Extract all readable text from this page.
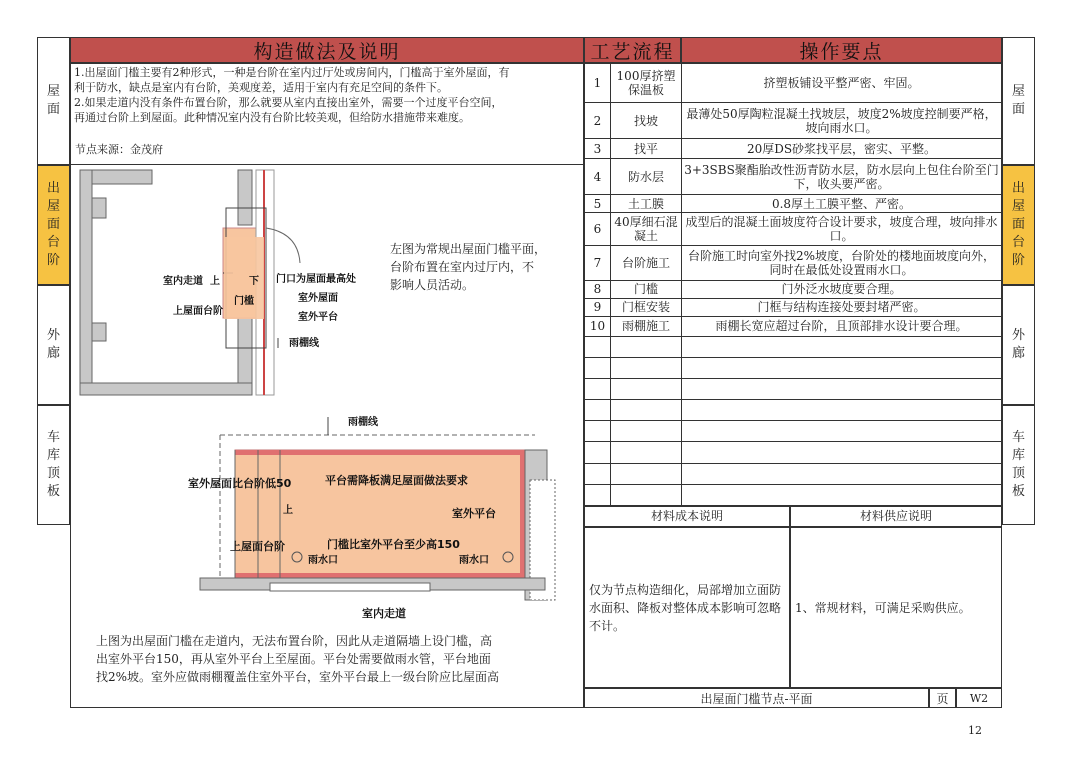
屋面
出屋面台阶
外廊
车库顶板
屋面
出屋面台阶
外廊
车库顶板
构造做法及说明
1.出屋面门槛主要有2种形式，一种是台阶在室内过厅处或房间内，门槛高于室外屋面，有
利于防水，缺点是室内有台阶，美观度差，适用于室内有充足空间的条件下。
2.如果走道内没有条件布置台阶，那么就要从室内直接出室外，需要一个过度平台空间，
再通过台阶上到屋面。此种情况室内没有台阶比较美观，但给防水措施带来难度。
节点来源：金茂府
室内走道 上	下 门口为屋面最高处
室外屋面
门槛
上屋面台阶
室外平台
雨棚线
左图为常规出屋面门槛平面，
台阶布置在室内过厅内，不
影响人员活动。
雨棚线
室外屋面比台阶低50	平台需降板满足屋面做法要求
上	室外平台
上屋面台阶	门槛比室外平台至少高150
雨水口	雨水口
室内走道
上图为出屋面门槛在走道内，无法布置台阶，因此从走道隔墙上设门槛，高
出室外平台150，再从室外平台上至屋面。平台处需要做雨水管，平台地面
找2%坡。室外应做雨棚覆盖住室外平台，室外平台最上一级台阶应比屋面高
工艺流程	操作要点
1	100厚挤塑保温板	挤塑板铺设平整严密、牢固。
2	找坡	最薄处50厚陶粒混凝土找坡层，坡度2%坡度控制要严格，坡向雨水口。
3	找平	20厚DS砂浆找平层，密实、平整。
4	防水层	3+3SBS聚酯胎改性沥青防水层，防水层向上包住台阶至门下，收头要严密。
5	土工膜	0.8厚土工膜平整、严密。
6	40厚细石混凝土	成型后的混凝土面坡度符合设计要求，坡度合理，坡向排水口。
7	台阶施工	台阶施工时向室外找2%坡度，台阶处的楼地面坡度向外，同时在最低处设置雨水口。
8	门槛	门外泛水坡度要合理。
9	门框安装	门框与结构连接处要封堵严密。
10	雨棚施工	雨棚长宽应超过台阶，且顶部排水设计要合理。

材料成本说明	材料供应说明
仅为节点构造细化，局部增加立面防水面积、降板对整体成本影响可忽略不计。
1、常规材料，可满足采购供应。
出屋面门槛节点-平面	页 W2
12
